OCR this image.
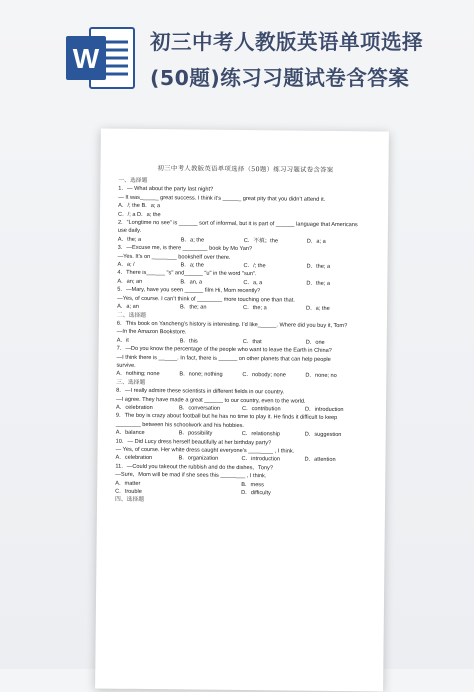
W
初三中考人教版英语单项选择
(50题)练习习题试卷含答案
初三中考人教版英语单项选择（50题）练习习题试卷含答案
一、选择题
1．— What about the party last night?
— It was______ great success. I think it’s ______ great pity that you didn’t attend it.
A．/; the B．a; a
C．/; a D．a; the
2．“Longtime no see” is ______ sort of informal, but it is part of ______ language that Americans
use daily.
A．the; a	B．a; the	C．不填；the	D．a; a
3．—Excuse me, is there ________ book by Mo Yan?
—Yes. It’s on ________ bookshelf over there.
A．a; /	B．a; the	C．/; the	D．the; a
4．There is______ "s" and______ "u" in the word "sun".
A．an; an	B．an, a	C．a, a	D．the; a
5．—Mary, have you seen ______ film Hi, Mom recently?
—Yes, of course. I can’t think of ________ more touching one than that.
A．a; an	B．the; an	C．the; a	D．a; the
二、选择题
6．This book on Yancheng’s history is interesting. I’d like______. Where did you buy it, Tom?
—In the Amazon Bookstore.
A．it	B．this	C．that	D．one
7．—Do you know the percentage of the people who want to leave the Earth in China?
—I think there is ______. In fact, there is ______ on other planets that can help people
survive.
A．nothing; none	B．none; nothing	C．nobody; none	D．none; no
三、选择题
8．—I really admire these scientists in different fields in our country.
—I agree. They have made a great ______ to our country, even to the world.
A．celebration	B．conversation	C．contribution	D．introduction
9．The boy is crazy about football but he has no time to play it. He finds it difficult to keep
________ between his schoolwork and his hobbies.
A．balance	B．possibility	C．relationship	D．suggestion
10．— Did Lucy dress herself beautifully at her birthday party?
— Yes, of course. Her white dress caught everyone’s ________ , I think.
A．celebration	B．organization	C．introduction	D．attention
11．—Could you takeout the rubbish and do the dishes，Tony?
—Sure，Mom will be mad if she sees this ________ , I think.
A．matter	B．mess
C．trouble	D．difficulty
四、选择题
